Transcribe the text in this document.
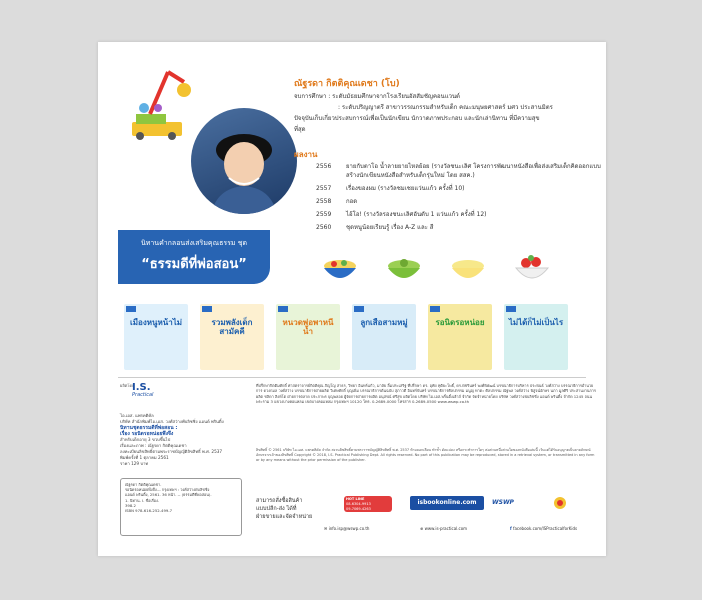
ณัฐรดา กิตติคุณเดชา (โบ)
จบการศึกษา : ระดับมัธยมศึกษาจากโรงเรียนอัสสัมชัญคอนแวนต์
: ระดับปริญญาตรี สาขาวรรณกรรมสำหรับเด็ก คณะมนุษยศาสตร์ มศว ประสานมิตร
ปัจจุบันเก็บเกี่ยวประสบการณ์เพื่อเป็นนักเขียน นักวาดภาพประกอบ และนักเล่านิทาน ที่มีความสุขที่สุด
ผลงาน
2556	ยายกับตาโอ น้ำลายยายไหลย้อย (รางวัลชนะเลิศ โครงการพัฒนาหนังสือเพื่อส่งเสริมเด็กคิดออกแบบสร้างนักเขียนหนังสือสำหรับเด็กรุ่นใหม่ โดย สสค.)
2557	เรื่องของผม (รางวัลชมเชยแว่นแก้ว ครั้งที่ 10)
2558	กอด
2559	ไอ้โอ! (รางวัลรองชนะเลิศอันดับ 1 แว่นแก้ว ครั้งที่ 12)
2560	ชุดหนูน้อยเรียนรู้ เรื่อง A-Z และ สี
นิทานคำกลอนส่งเสริมคุณธรรม ชุด
“ธรรมดีที่พ่อสอน”
เมืองหนูหน้าไม่	รวมพลังเด็กสามัคคี
หนวดพ่อพาหนีน้ำ
ลูกเสือสามหมู่	รอนิดรอหน่อย	ไม่ได้ก็ไม่เป็นไร
ผลิตโดย
I.S.
Practical
ไอ.เอส. แพรคติคัล
บริษัท สำนักพิมพ์ไอ.เอส. วงศ์สว่างพับลิชชิ่ง แอนด์ พรินติ้ง
นิทานชุดธรรมดีที่พ่อสอน :
เรื่อง รอนิดรอหน่อยพึงจึง
สำหรับเด็กอายุ 3 ขวบขึ้นไป
เรื่องและภาพ : ณัฐรดา กิตติคุณเดชา
ลงทะเบียนลิขสิทธิ์ตามพระราชบัญญัติลิขสิทธิ์ พ.ศ. 2537
พิมพ์ครั้งที่ 1 ตุลาคม 2561
ราคา 129 บาท
ณัฐรดา กิตติคุณเดชา.
รอนิดรอหน่อยพึงจึง.-- กรุงเทพฯ : วงศ์สว่างพับลิชชิ่ง
แอนด์ พรินติ้ง, 2561. 36 หน้า. -- (ธรรมดีที่พ่อสอน).
1. นิทาน. I. ชื่อเรื่อง.
398.2
ISBN 978-616-252-499-7
ที่ปรึกษากิตติมศักดิ์ ศาสตราจารย์กิตติคุณ ภิญโญ สาธร, วิทยา อินทร์แก้ว, มาลัย ลิ้มประเสริฐ ที่ปรึกษา ดร. อุทัย ทุติยะโพธิ์, ดร.พัชรินทร์ พงศ์พิพัฒน์ บรรณาธิการบริหาร ประพันธ์ วงศ์สว่าง บรรณาธิการอำนวยการ ดวงกมล วงศ์สว่าง บรรณาธิการฝ่ายผลิต วิเศษศักดิ์ บุญเพิ่ม บรรณาธิการต้นฉบับ สุภาวดี อินทร์จันทร์ บรรณาธิการศิลปกรรม มนูญ ทาตะ ศิลปกรรม ณัฐพล วงศ์สว่าง พิสูจน์อักษร นภา มูลศิริ ประสานงานการผลิต ชลิดา สิงห์โต ฝ่ายการตลาด ประภาพร บุญพลอย ผู้จัดการฝ่ายการผลิต อนุสรณ์ ศรีสุข ผลิตโดย บริษัท ไอ.เอส.พริ้นติ้งเฮ้าส์ จำกัด จัดจำหน่ายโดย บริษัท วงศ์สว่างพับลิชชิ่ง แอนด์ พรินติ้ง จำกัด 1245 ถนนพระราม 3 แขวงบางคอแหลม เขตบางคอแหลม กรุงเทพฯ 10120 โทร. 0-2689-0000 โทรสาร 0-2689-0500 www.wswp.co.th
ลิขสิทธิ์ © 2561 บริษัท ไอ.เอส. แพรคติคัล จำกัด สงวนลิขสิทธิ์ตามพระราชบัญญัติลิขสิทธิ์ พ.ศ. 2537 ห้ามลอกเลียน ทำซ้ำ ดัดแปลง หรือกระทำการใดๆ ต่อส่วนหนึ่งส่วนใดของหนังสือเล่มนี้ เว้นแต่ได้รับอนุญาตเป็นลายลักษณ์อักษรจากเจ้าของลิขสิทธิ์ Copyright © 2018, I.S. Practical Publishing Dept. All rights reserved. No part of this publication may be reproduced, stored in a retrieval system, or transmitted in any form or by any means without the prior permission of the publisher.
สามารถสั่งซื้อสินค้า
แบบปลีก-ส่ง ได้ที่
ฝ่ายขายและจัดจำหน่าย
HOT LINE
08-6304-9913
09-7069-4263
isbookonline.com	WSWP
✉ info.isp@wswp.co.th	⊕ www.is-practical.com	f facebook.com/ISPracticalforKids
Copyright © All Right Reserved
